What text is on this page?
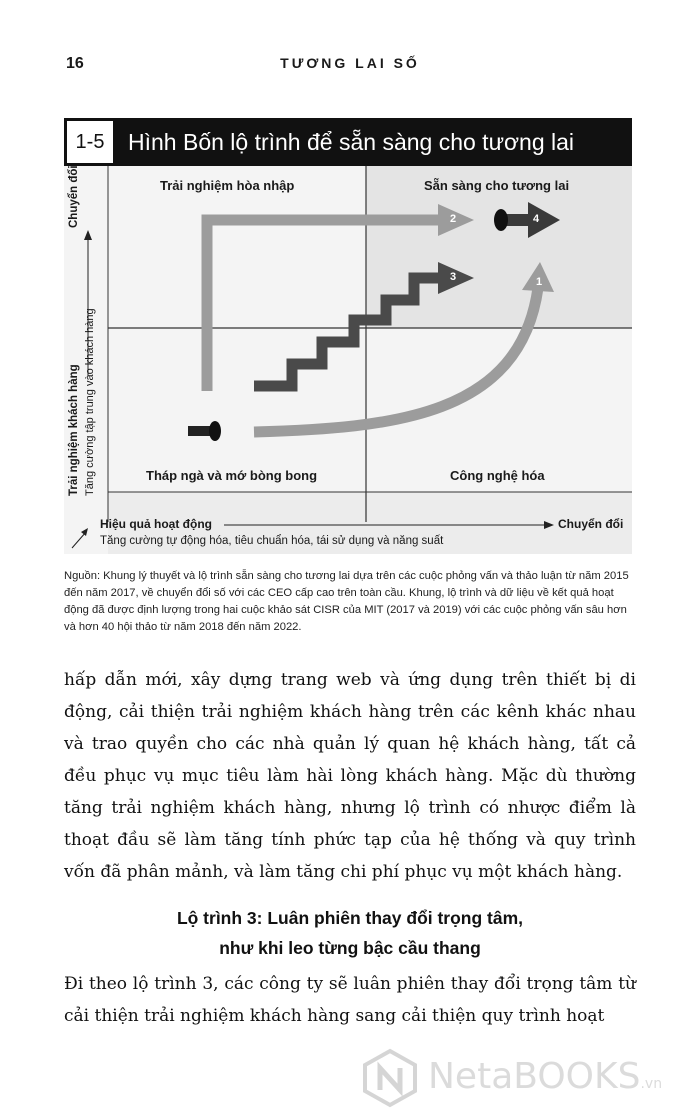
16	TƯƠNG LAI SỐ
1-5	Hình Bốn lộ trình để sẵn sàng cho tương lai
Trải nghiệm hòa nhập	Sẵn sàng cho tương lai
Tháp ngà và mớ bòng bong	Công nghệ hóa
2	4
3	1
Hiệu quả hoạt động	Chuyển đổi
Tăng cường tự động hóa, tiêu chuẩn hóa, tái sử dụng và năng suất
Trải nghiệm khách hàng
Chuyển đổi
Tăng cường tập trung vào khách hàng
Nguồn: Khung lý thuyết và lộ trình sẵn sàng cho tương lai dựa trên các cuộc phỏng vấn và thảo luận từ năm 2015 đến năm 2017, về chuyển đổi số với các CEO cấp cao trên toàn cầu. Khung, lộ trình và dữ liệu về kết quả hoạt động đã được định lượng trong hai cuộc khảo sát CISR của MIT (2017 và 2019) với các cuộc phỏng vấn sâu hơn và hơn 40 hội thảo từ năm 2018 đến năm 2022.
hấp dẫn mới, xây dựng trang web và ứng dụng trên thiết bị di động, cải thiện trải nghiệm khách hàng trên các kênh khác nhau và trao quyền cho các nhà quản lý quan hệ khách hàng, tất cả đều phục vụ mục tiêu làm hài lòng khách hàng. Mặc dù thường tăng trải nghiệm khách hàng, nhưng lộ trình có nhược điểm là thoạt đầu sẽ làm tăng tính phức tạp của hệ thống và quy trình vốn đã phân mảnh, và làm tăng chi phí phục vụ một khách hàng.
Lộ trình 3: Luân phiên thay đổi trọng tâm,
như khi leo từng bậc cầu thang
Đi theo lộ trình 3, các công ty sẽ luân phiên thay đổi trọng tâm từ cải thiện trải nghiệm khách hàng sang cải thiện quy trình hoạt
NetaBOOKS.vn
